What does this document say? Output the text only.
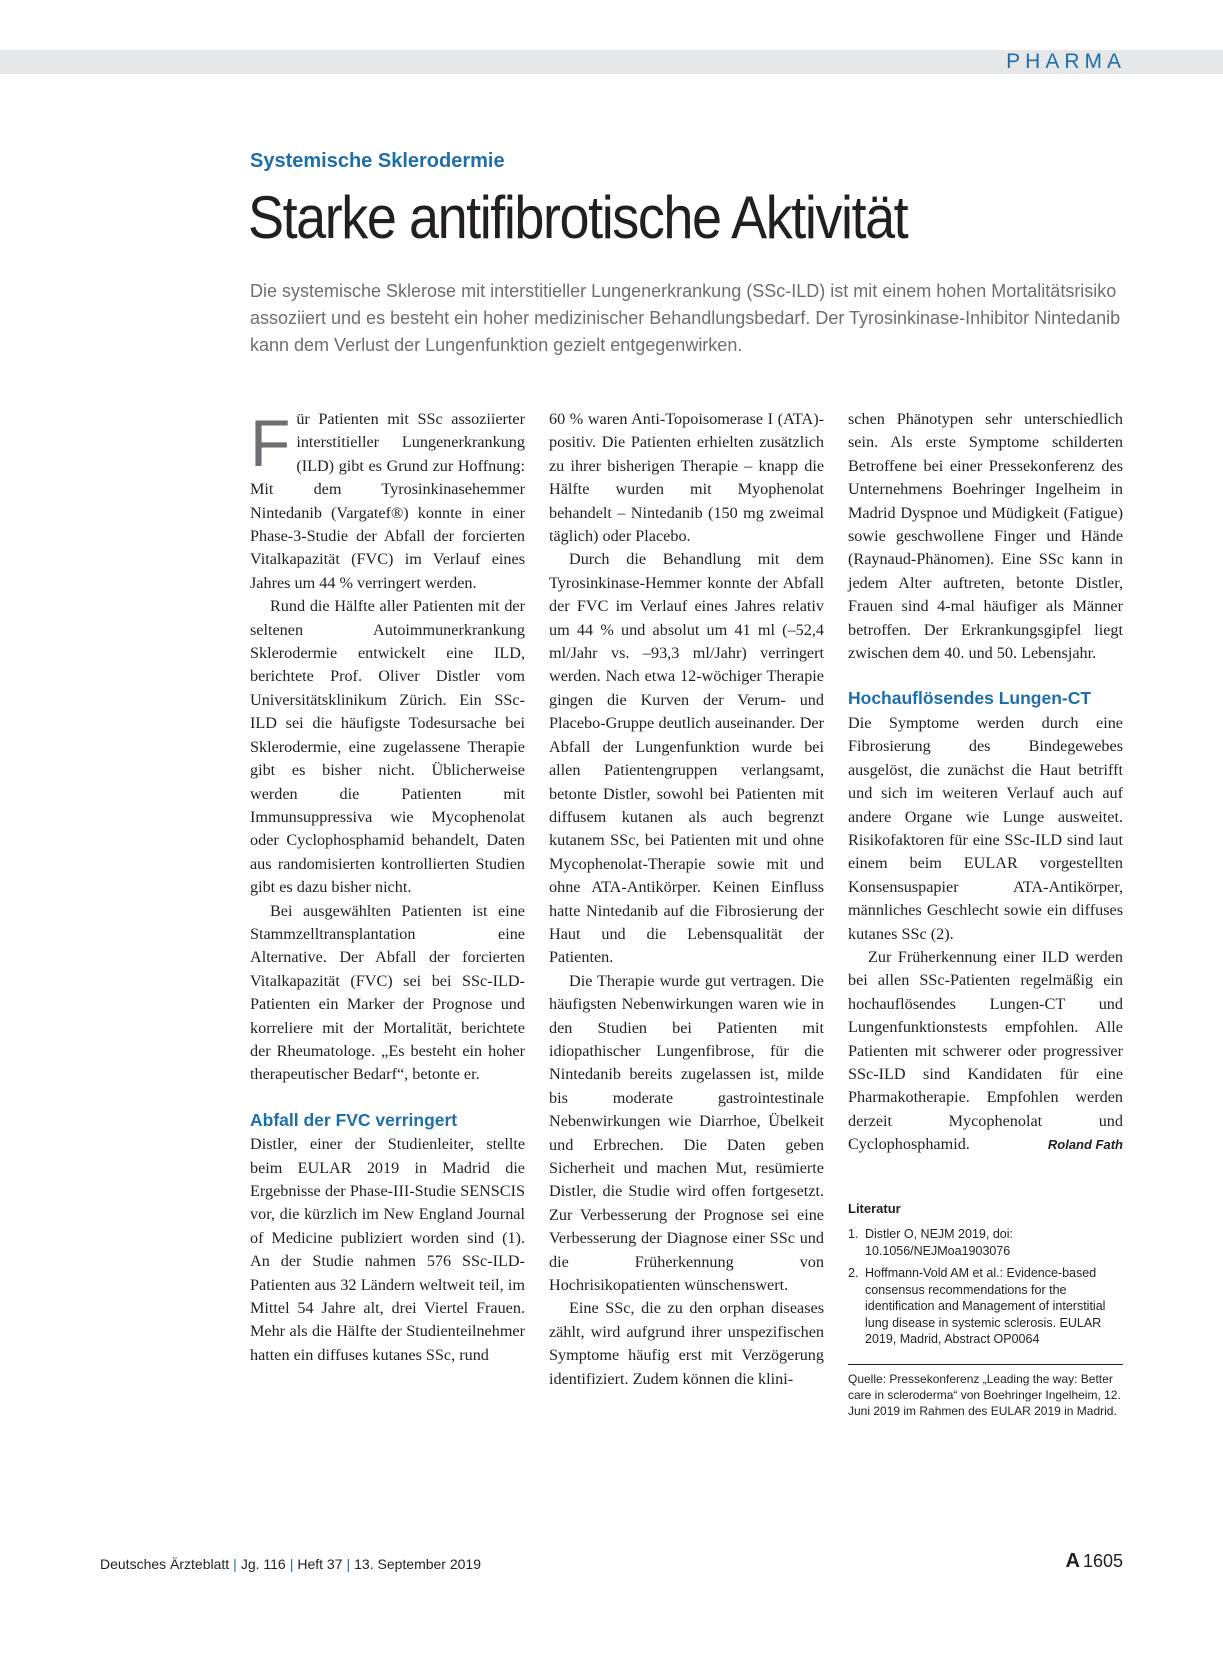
PHARMA
Systemische Sklerodermie
Starke antifibrotische Aktivität
Die systemische Sklerose mit interstitieller Lungenerkrankung (SSc-ILD) ist mit einem hohen Mortalitätsrisiko assoziiert und es besteht ein hoher medizinischer Behandlungsbedarf. Der Tyrosinkinase-Inhibitor Nintedanib kann dem Verlust der Lungenfunktion gezielt entgegenwirken.

Für Patienten mit SSc assoziierter interstitieller Lungenerkrankung (ILD) gibt es Grund zur Hoffnung: Mit dem Tyrosinkinasehemmer Nintedanib (Vargatef®) konnte in einer Phase-3-Studie der Abfall der forcierten Vitalkapazität (FVC) im Verlauf eines Jahres um 44 % verringert werden.

Rund die Hälfte aller Patienten mit der seltenen Autoimmunerkrankung Sklerodermie entwickelt eine ILD, berichtete Prof. Oliver Distler vom Universitätsklinikum Zürich. Ein SSc-ILD sei die häufigste Todesursache bei Sklerodermie, eine zugelassene Therapie gibt es bisher nicht. Üblicherweise werden die Patienten mit Immunsuppressiva wie Mycophenolat oder Cyclophosphamid behandelt, Daten aus randomisierten kontrollierten Studien gibt es dazu bisher nicht.

Bei ausgewählten Patienten ist eine Stammzelltransplantation eine Alternative. Der Abfall der forcierten Vitalkapazität (FVC) sei bei SSc-ILD-Patienten ein Marker der Prognose und korreliere mit der Mortalität, berichtete der Rheumatologe. „Es besteht ein hoher therapeutischer Bedarf“, betonte er.

Abfall der FVC verringert

Distler, einer der Studienleiter, stellte beim EULAR 2019 in Madrid die Ergebnisse der Phase-III-Studie SENSCIS vor, die kürzlich im New England Journal of Medicine publiziert worden sind (1). An der Studie nahmen 576 SSc-ILD-Patienten aus 32 Ländern weltweit teil, im Mittel 54 Jahre alt, drei Viertel Frauen. Mehr als die Hälfte der Studienteilnehmer hatten ein diffuses kutanes SSc, rund

60 % waren Anti-Topoisomerase I (ATA)-positiv. Die Patienten erhielten zusätzlich zu ihrer bisherigen Therapie – knapp die Hälfte wurden mit Myophenolat behandelt – Nintedanib (150 mg zweimal täglich) oder Placebo.

Durch die Behandlung mit dem Tyrosinkinase-Hemmer konnte der Abfall der FVC im Verlauf eines Jahres relativ um 44 % und absolut um 41 ml (–52,4 ml/Jahr vs. –93,3 ml/Jahr) verringert werden. Nach etwa 12-wöchiger Therapie gingen die Kurven der Verum- und Placebo-Gruppe deutlich auseinander. Der Abfall der Lungenfunktion wurde bei allen Patientengruppen verlangsamt, betonte Distler, sowohl bei Patienten mit diffusem kutanen als auch begrenzt kutanem SSc, bei Patienten mit und ohne Mycophenolat-Therapie sowie mit und ohne ATA-Antikörper. Keinen Einfluss hatte Nintedanib auf die Fibrosierung der Haut und die Lebensqualität der Patienten.

Die Therapie wurde gut vertragen. Die häufigsten Nebenwirkungen waren wie in den Studien bei Patienten mit idiopathischer Lungenfibrose, für die Nintedanib bereits zugelassen ist, milde bis moderate gastrointestinale Nebenwirkungen wie Diarrhoe, Übelkeit und Erbrechen. Die Daten geben Sicherheit und machen Mut, resümierte Distler, die Studie wird offen fortgesetzt. Zur Verbesserung der Prognose sei eine Verbesserung der Diagnose einer SSc und die Früherkennung von Hochrisikopatienten wünschenswert.

Eine SSc, die zu den orphan diseases zählt, wird aufgrund ihrer unspezifischen Symptome häufig erst mit Verzögerung identifiziert. Zudem können die klini-

schen Phänotypen sehr unterschiedlich sein. Als erste Symptome schilderten Betroffene bei einer Pressekonferenz des Unternehmens Boehringer Ingelheim in Madrid Dyspnoe und Müdigkeit (Fatigue) sowie geschwollene Finger und Hände (Raynaud-Phänomen). Eine SSc kann in jedem Alter auftreten, betonte Distler, Frauen sind 4-mal häufiger als Männer betroffen. Der Erkrankungsgipfel liegt zwischen dem 40. und 50. Lebensjahr.

Hochauflösendes Lungen-CT

Die Symptome werden durch eine Fibrosierung des Bindegewebes ausgelöst, die zunächst die Haut betrifft und sich im weiteren Verlauf auch auf andere Organe wie Lunge ausweitet. Risikofaktoren für eine SSc-ILD sind laut einem beim EULAR vorgestellten Konsensuspapier ATA-Antikörper, männliches Geschlecht sowie ein diffuses kutanes SSc (2).

Zur Früherkennung einer ILD werden bei allen SSc-Patienten regelmäßig ein hochauflösendes Lungen-CT und Lungenfunktionstests empfohlen. Alle Patienten mit schwerer oder progressiver SSc-ILD sind Kandidaten für eine Pharmakotherapie. Empfohlen werden derzeit Mycophenolat und Cyclophosphamid.	Roland Fath

Literatur
1. Distler O, NEJM 2019, doi: 10.1056/NEJMoa1903076
2. Hoffmann-Vold AM et al.: Evidence-based consensus recommendations for the identification and Management of interstitial lung disease in systemic sclerosis. EULAR 2019, Madrid, Abstract OP0064
Quelle: Pressekonferenz „Leading the way: Better care in scleroderma“ von Boehringer Ingelheim, 12. Juni 2019 im Rahmen des EULAR 2019 in Madrid.
Deutsches Ärzteblatt | Jg. 116 | Heft 37 | 13. September 2019	A 1605
